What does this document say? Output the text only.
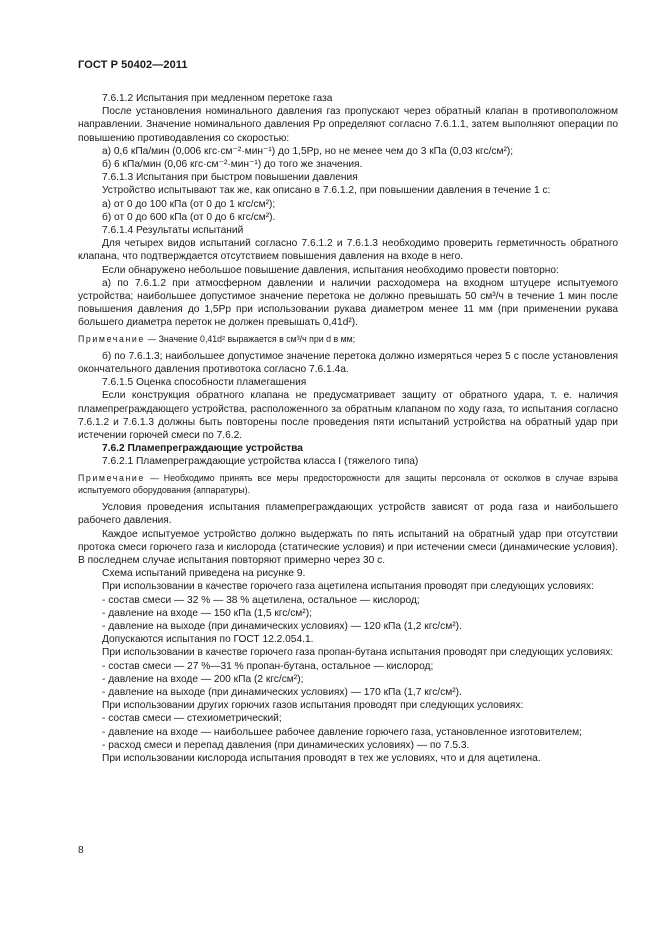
ГОСТ Р 50402—2011

7.6.1.2 Испытания при медленном перетоке газа

После установления номинального давления газ пропускают через обратный клапан в противоположном направлении. Значение номинального давления Pp определяют согласно 7.6.1.1, затем выполняют операции по повышению противодавления со скоростью:

а) 0,6 кПа/мин (0,006 кгс·см⁻²·мин⁻¹) до 1,5Pp, но не менее чем до 3 кПа (0,03 кгс/см²);

б) 6 кПа/мин (0,06 кгс·см⁻²·мин⁻¹) до того же значения.

7.6.1.3 Испытания при быстром повышении давления

Устройство испытывают так же, как описано в 7.6.1.2, при повышении давления в течение 1 с:

а) от 0 до 100 кПа (от 0 до 1 кгс/см²);

б) от 0 до 600 кПа (от 0 до 6 кгс/см²).

7.6.1.4 Результаты испытаний

Для четырех видов испытаний согласно 7.6.1.2 и 7.6.1.3 необходимо проверить герметичность обратного клапана, что подтверждается отсутствием повышения давления на входе в него.

Если обнаружено небольшое повышение давления, испытания необходимо провести повторно:

а) по 7.6.1.2 при атмосферном давлении и наличии расходомера на входном штуцере испытуемого устройства; наибольшее допустимое значение перетока не должно превышать 50 см³/ч в течение 1 мин после повышения давления до 1,5Pp при использовании рукава диаметром менее 11 мм (при применении рукава большего диаметра переток не должен превышать 0,41d²).

Примечание — Значение 0,41d² выражается в см³/ч при d в мм;

б) по 7.6.1.3; наибольшее допустимое значение перетока должно измеряться через 5 с после установления окончательного давления противотока согласно 7.6.1.4а.

7.6.1.5 Оценка способности пламегашения

Если конструкция обратного клапана не предусматривает защиту от обратного удара, т. е. наличия пламепреграждающего устройства, расположенного за обратным клапаном по ходу газа, то испытания согласно 7.6.1.2 и 7.6.1.3 должны быть повторены после проведения пяти испытаний устройства на обратный удар при истечении горючей смеси по 7.6.2.

7.6.2 Пламепреграждающие устройства

7.6.2.1 Пламепреграждающие устройства класса I (тяжелого типа)

Примечание — Необходимо принять все меры предосторожности для защиты персонала от осколков в случае взрыва испытуемого оборудования (аппаратуры).

Условия проведения испытания пламепреграждающих устройств зависят от рода газа и наибольшего рабочего давления.

Каждое испытуемое устройство должно выдержать по пять испытаний на обратный удар при отсутствии протока смеси горючего газа и кислорода (статические условия) и при истечении смеси (динамические условия). В последнем случае испытания повторяют примерно через 30 с.

Схема испытаний приведена на рисунке 9.

При использовании в качестве горючего газа ацетилена испытания проводят при следующих условиях:

- состав смеси — 32 % — 38 % ацетилена, остальное — кислород;

- давление на входе — 150 кПа (1,5 кгс/см²);

- давление на выходе (при динамических условиях) — 120 кПа (1,2 кгс/см²).

Допускаются испытания по ГОСТ 12.2.054.1.

При использовании в качестве горючего газа пропан-бутана испытания проводят при следующих условиях:

- состав смеси — 27 %—31 % пропан-бутана, остальное — кислород;

- давление на входе — 200 кПа (2 кгс/см²);

- давление на выходе (при динамических условиях) — 170 кПа (1,7 кгс/см²).

При использовании других горючих газов испытания проводят при следующих условиях:

- состав смеси — стехиометрический;

- давление на входе — наибольшее рабочее давление горючего газа, установленное изготовителем;

- расход смеси и перепад давления (при динамических условиях) — по 7.5.3.

При использовании кислорода испытания проводят в тех же условиях, что и для ацетилена.

8
